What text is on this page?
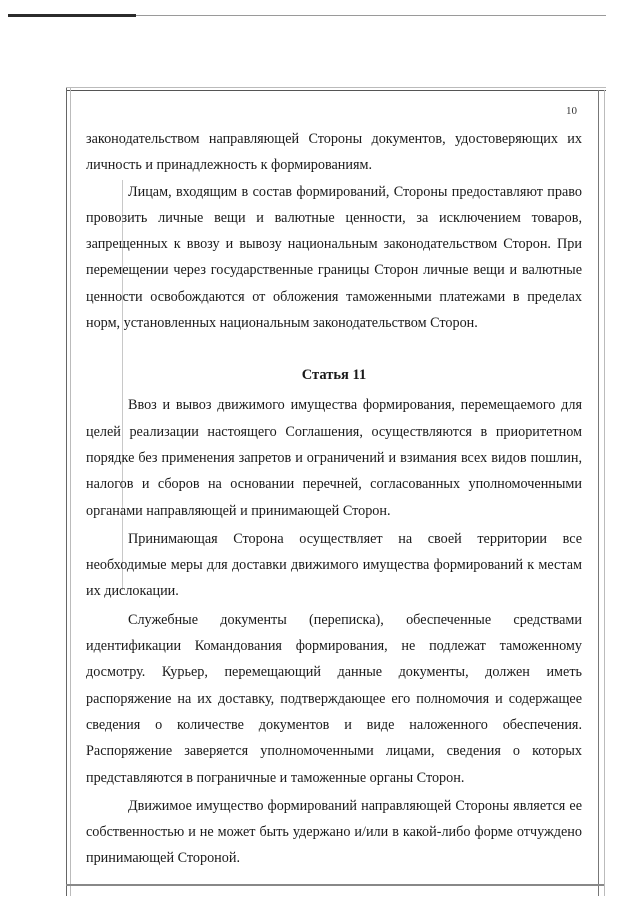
10

законодательством направляющей Стороны документов, удостоверяющих их личность и принадлежность к формированиям.

Лицам, входящим в состав формирований, Стороны предоставляют право провозить личные вещи и валютные ценности, за исключением товаров, запрещенных к ввозу и вывозу национальным законодательством Сторон. При перемещении через государственные границы Сторон личные вещи и валютные ценности освобождаются от обложения таможенными платежами в пределах норм, установленных национальным законодательством Сторон.

Статья 11

Ввоз и вывоз движимого имущества формирования, перемещаемого для целей реализации настоящего Соглашения, осуществляются в приоритетном порядке без применения запретов и ограничений и взимания всех видов пошлин, налогов и сборов на основании перечней, согласованных уполномоченными органами направляющей и принимающей Сторон.

Принимающая Сторона осуществляет на своей территории все необходимые меры для доставки движимого имущества формирований к местам их дислокации.

Служебные документы (переписка), обеспеченные средствами идентификации Командования формирования, не подлежат таможенному досмотру. Курьер, перемещающий данные документы, должен иметь распоряжение на их доставку, подтверждающее его полномочия и содержащее сведения о количестве документов и виде наложенного обеспечения. Распоряжение заверяется уполномоченными лицами, сведения о которых представляются в пограничные и таможенные органы Сторон.

Движимое имущество формирований направляющей Стороны является ее собственностью и не может быть удержано и/или в какой-либо форме отчуждено принимающей Стороной.
